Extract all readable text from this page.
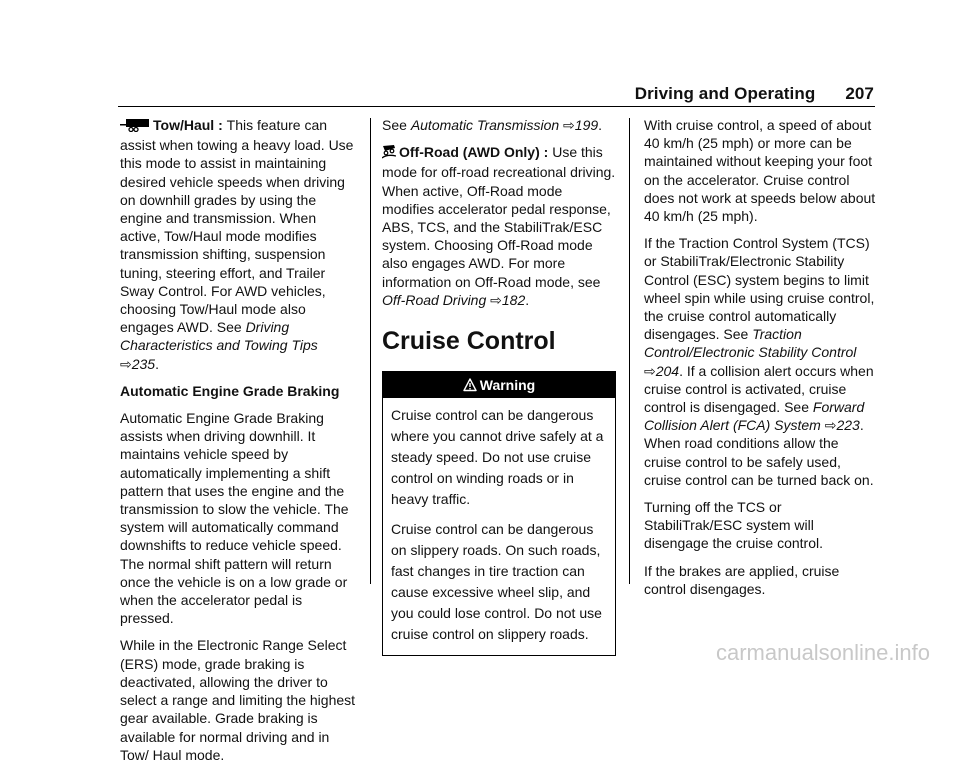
Driving and Operating 207

Tow/Haul : This feature can assist when towing a heavy load. Use this mode to assist in maintaining desired vehicle speeds when driving on downhill grades by using the engine and transmission. When active, Tow/Haul mode modifies transmission shifting, suspension tuning, steering effort, and Trailer Sway Control. For AWD vehicles, choosing Tow/Haul mode also engages AWD. See Driving Characteristics and Towing Tips ⇨235.

Automatic Engine Grade Braking

Automatic Engine Grade Braking assists when driving downhill. It maintains vehicle speed by automatically implementing a shift pattern that uses the engine and the transmission to slow the vehicle. The system will automatically command downshifts to reduce vehicle speed. The normal shift pattern will return once the vehicle is on a low grade or when the accelerator pedal is pressed.

While in the Electronic Range Select (ERS) mode, grade braking is deactivated, allowing the driver to select a range and limiting the highest gear available. Grade braking is available for normal driving and in Tow/ Haul mode.

See Automatic Transmission ⇨199.

Off-Road (AWD Only) : Use this mode for off-road recreational driving. When active, Off-Road mode modifies accelerator pedal response, ABS, TCS, and the StabiliTrak/ESC system. Choosing Off-Road mode also engages AWD. For more information on Off-Road mode, see Off-Road Driving ⇨182.

Cruise Control
Warning

Cruise control can be dangerous where you cannot drive safely at a steady speed. Do not use cruise control on winding roads or in heavy traffic.

Cruise control can be dangerous on slippery roads. On such roads, fast changes in tire traction can cause excessive wheel slip, and you could lose control. Do not use cruise control on slippery roads.

With cruise control, a speed of about 40 km/h (25 mph) or more can be maintained without keeping your foot on the accelerator. Cruise control does not work at speeds below about 40 km/h (25 mph).

If the Traction Control System (TCS) or StabiliTrak/Electronic Stability Control (ESC) system begins to limit wheel spin while using cruise control, the cruise control automatically disengages. See Traction Control/Electronic Stability Control ⇨204. If a collision alert occurs when cruise control is activated, cruise control is disengaged. See Forward Collision Alert (FCA) System ⇨223. When road conditions allow the cruise control to be safely used, cruise control can be turned back on.

Turning off the TCS or StabiliTrak/ESC system will disengage the cruise control.

If the brakes are applied, cruise control disengages.

carmanualsonline.info
